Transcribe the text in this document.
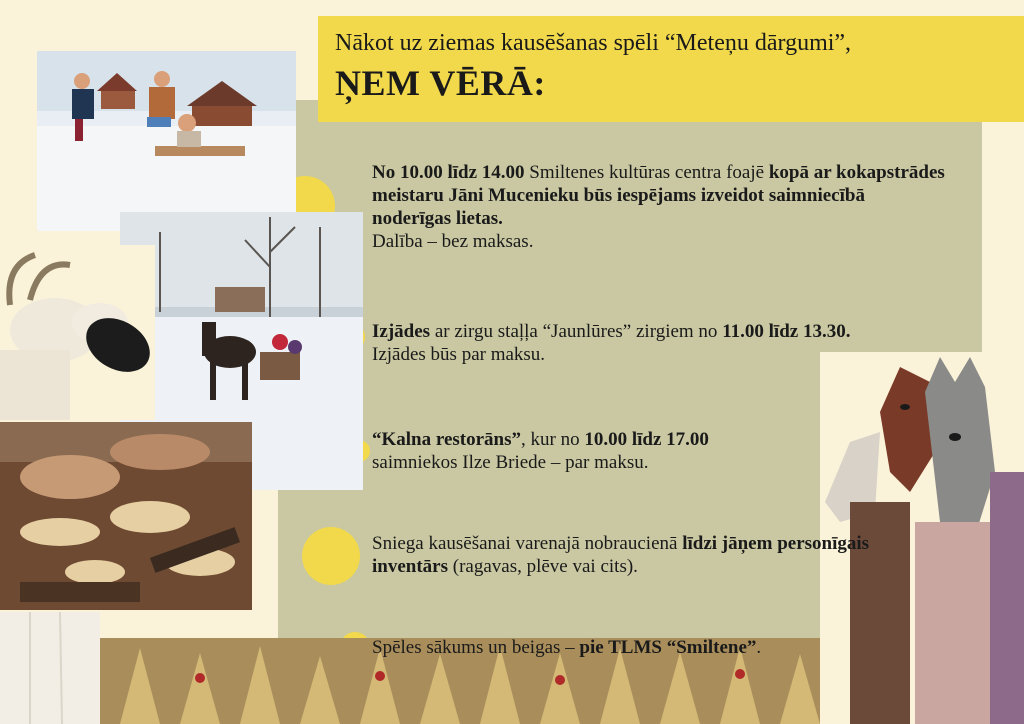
Nākot uz ziemas kausēšanas spēli “Meteņu dārgumi”,
ŅEM VĒRĀ:
No 10.00 līdz 14.00 Smiltenes kultūras centra foajē kopā ar kokapstrādes meistaru Jāni Mucenieku būs iespējams izveidot saimniecībā noderīgas lietas.
Dalība – bez maksas.
Izjādes ar zirgu staļļa “Jaunlūres” zirgiem no 11.00 līdz 13.30.
Izjādes būs par maksu.
“Kalna restorāns”, kur no 10.00 līdz 17.00
saimniekos Ilze Briede – par maksu.
Sniega kausēšanai varenajā nobraucienā līdzi jāņem personīgais inventārs (ragavas, plēve vai cits).
Spēles sākums un beigas – pie TLMS “Smiltene”.
